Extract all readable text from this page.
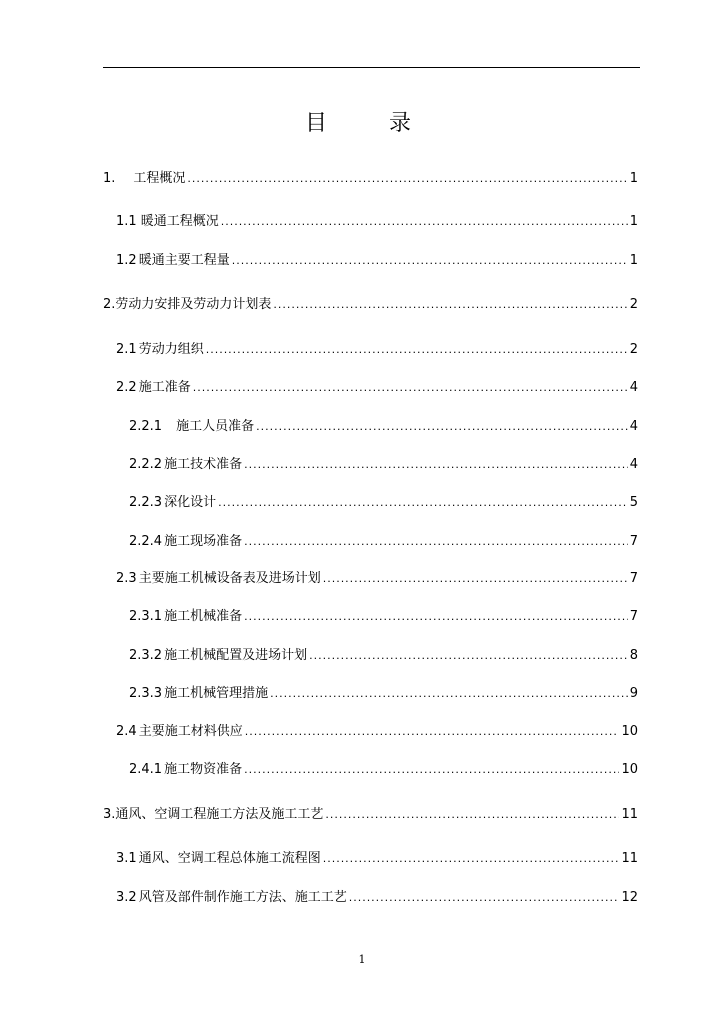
目　录
1. 工程概况 .....	1
1.1 暖通工程概况 .....	1
1.2 暖通主要工程量 .....	1
2. 劳动力安排及劳动力计划表 .....	2
2.1 劳动力组织 .....	2
2.2 施工准备 .....	4
2.2.1 施工人员准备 .....	4
2.2.2 施工技术准备 .....	4
2.2.3 深化设计 .....	5
2.2.4 施工现场准备 .....	7
2.3 主要施工机械设备表及进场计划 .....	7
2.3.1 施工机械准备 .....	7
2.3.2 施工机械配置及进场计划 .....	8
2.3.3 施工机械管理措施 .....	9
2.4 主要施工材料供应 .....	10
2.4.1 施工物资准备 .....	10
3. 通风、空调工程施工方法及施工工艺 .....	11
3.1 通风、空调工程总体施工流程图 .....	11
3.2 风管及部件制作施工方法、施工工艺 .....	12
1
